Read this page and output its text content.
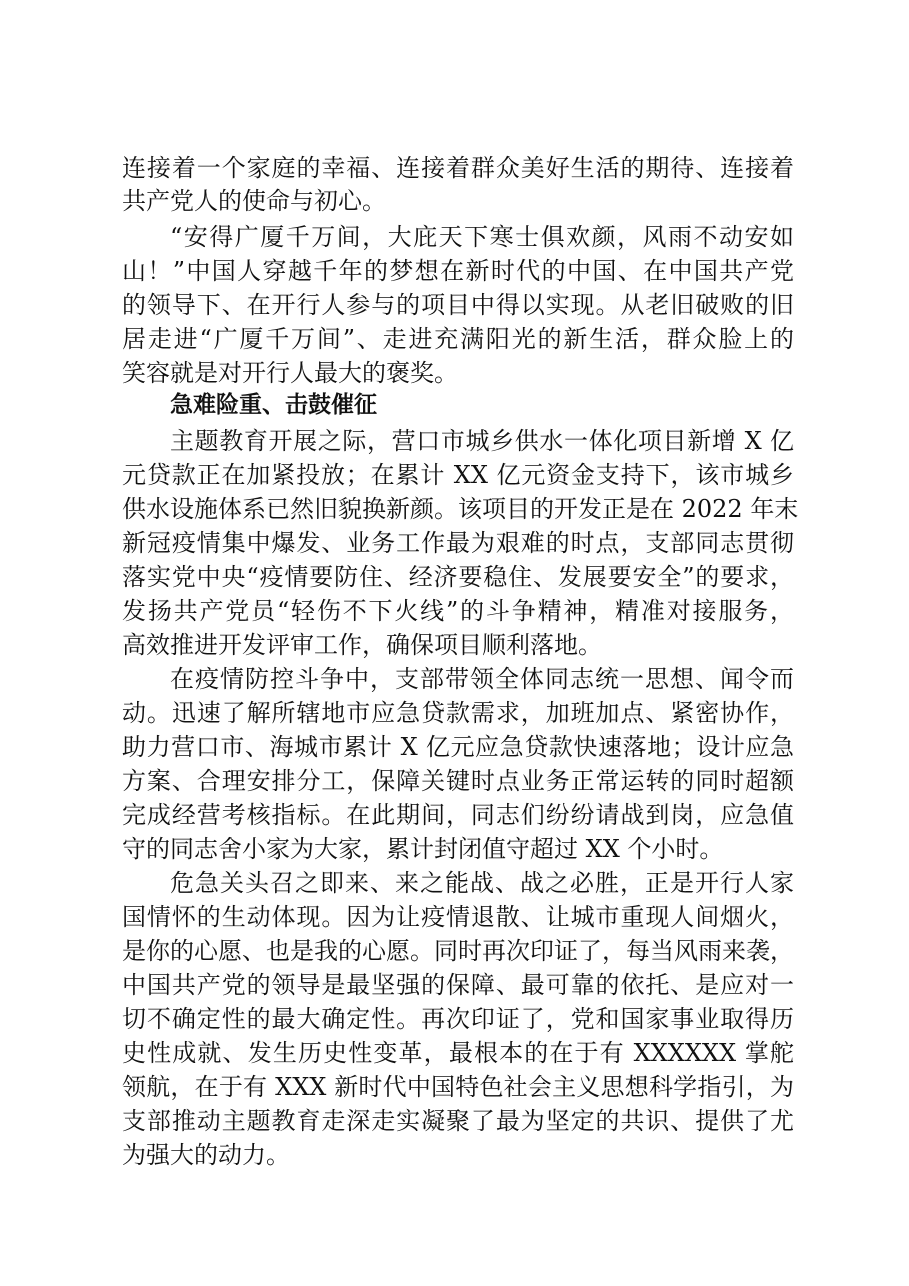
连接着一个家庭的幸福、连接着群众美好生活的期待、连接着
共产党人的使命与初心。
“安得广厦千万间，大庇天下寒士俱欢颜，风雨不动安如
山！”中国人穿越千年的梦想在新时代的中国、在中国共产党
的领导下、在开行人参与的项目中得以实现。从老旧破败的旧
居走进“广厦千万间”、走进充满阳光的新生活，群众脸上的
笑容就是对开行人最大的褒奖。
急难险重、击鼓催征
主题教育开展之际，营口市城乡供水一体化项目新增 X 亿
元贷款正在加紧投放；在累计 XX 亿元资金支持下，该市城乡
供水设施体系已然旧貌换新颜。该项目的开发正是在 2022 年末
新冠疫情集中爆发、业务工作最为艰难的时点，支部同志贯彻
落实党中央“疫情要防住、经济要稳住、发展要安全”的要求，
发扬共产党员“轻伤不下火线”的斗争精神，精准对接服务，
高效推进开发评审工作，确保项目顺利落地。
在疫情防控斗争中，支部带领全体同志统一思想、闻令而
动。迅速了解所辖地市应急贷款需求，加班加点、紧密协作，
助力营口市、海城市累计 X 亿元应急贷款快速落地；设计应急
方案、合理安排分工，保障关键时点业务正常运转的同时超额
完成经营考核指标。在此期间，同志们纷纷请战到岗，应急值
守的同志舍小家为大家，累计封闭值守超过 XX 个小时。
危急关头召之即来、来之能战、战之必胜，正是开行人家
国情怀的生动体现。因为让疫情退散、让城市重现人间烟火，
是你的心愿、也是我的心愿。同时再次印证了，每当风雨来袭，
中国共产党的领导是最坚强的保障、最可靠的依托、是应对一
切不确定性的最大确定性。再次印证了，党和国家事业取得历
史性成就、发生历史性变革，最根本的在于有 XXXXXX 掌舵
领航，在于有 XXX 新时代中国特色社会主义思想科学指引，为
支部推动主题教育走深走实凝聚了最为坚定的共识、提供了尤
为强大的动力。
